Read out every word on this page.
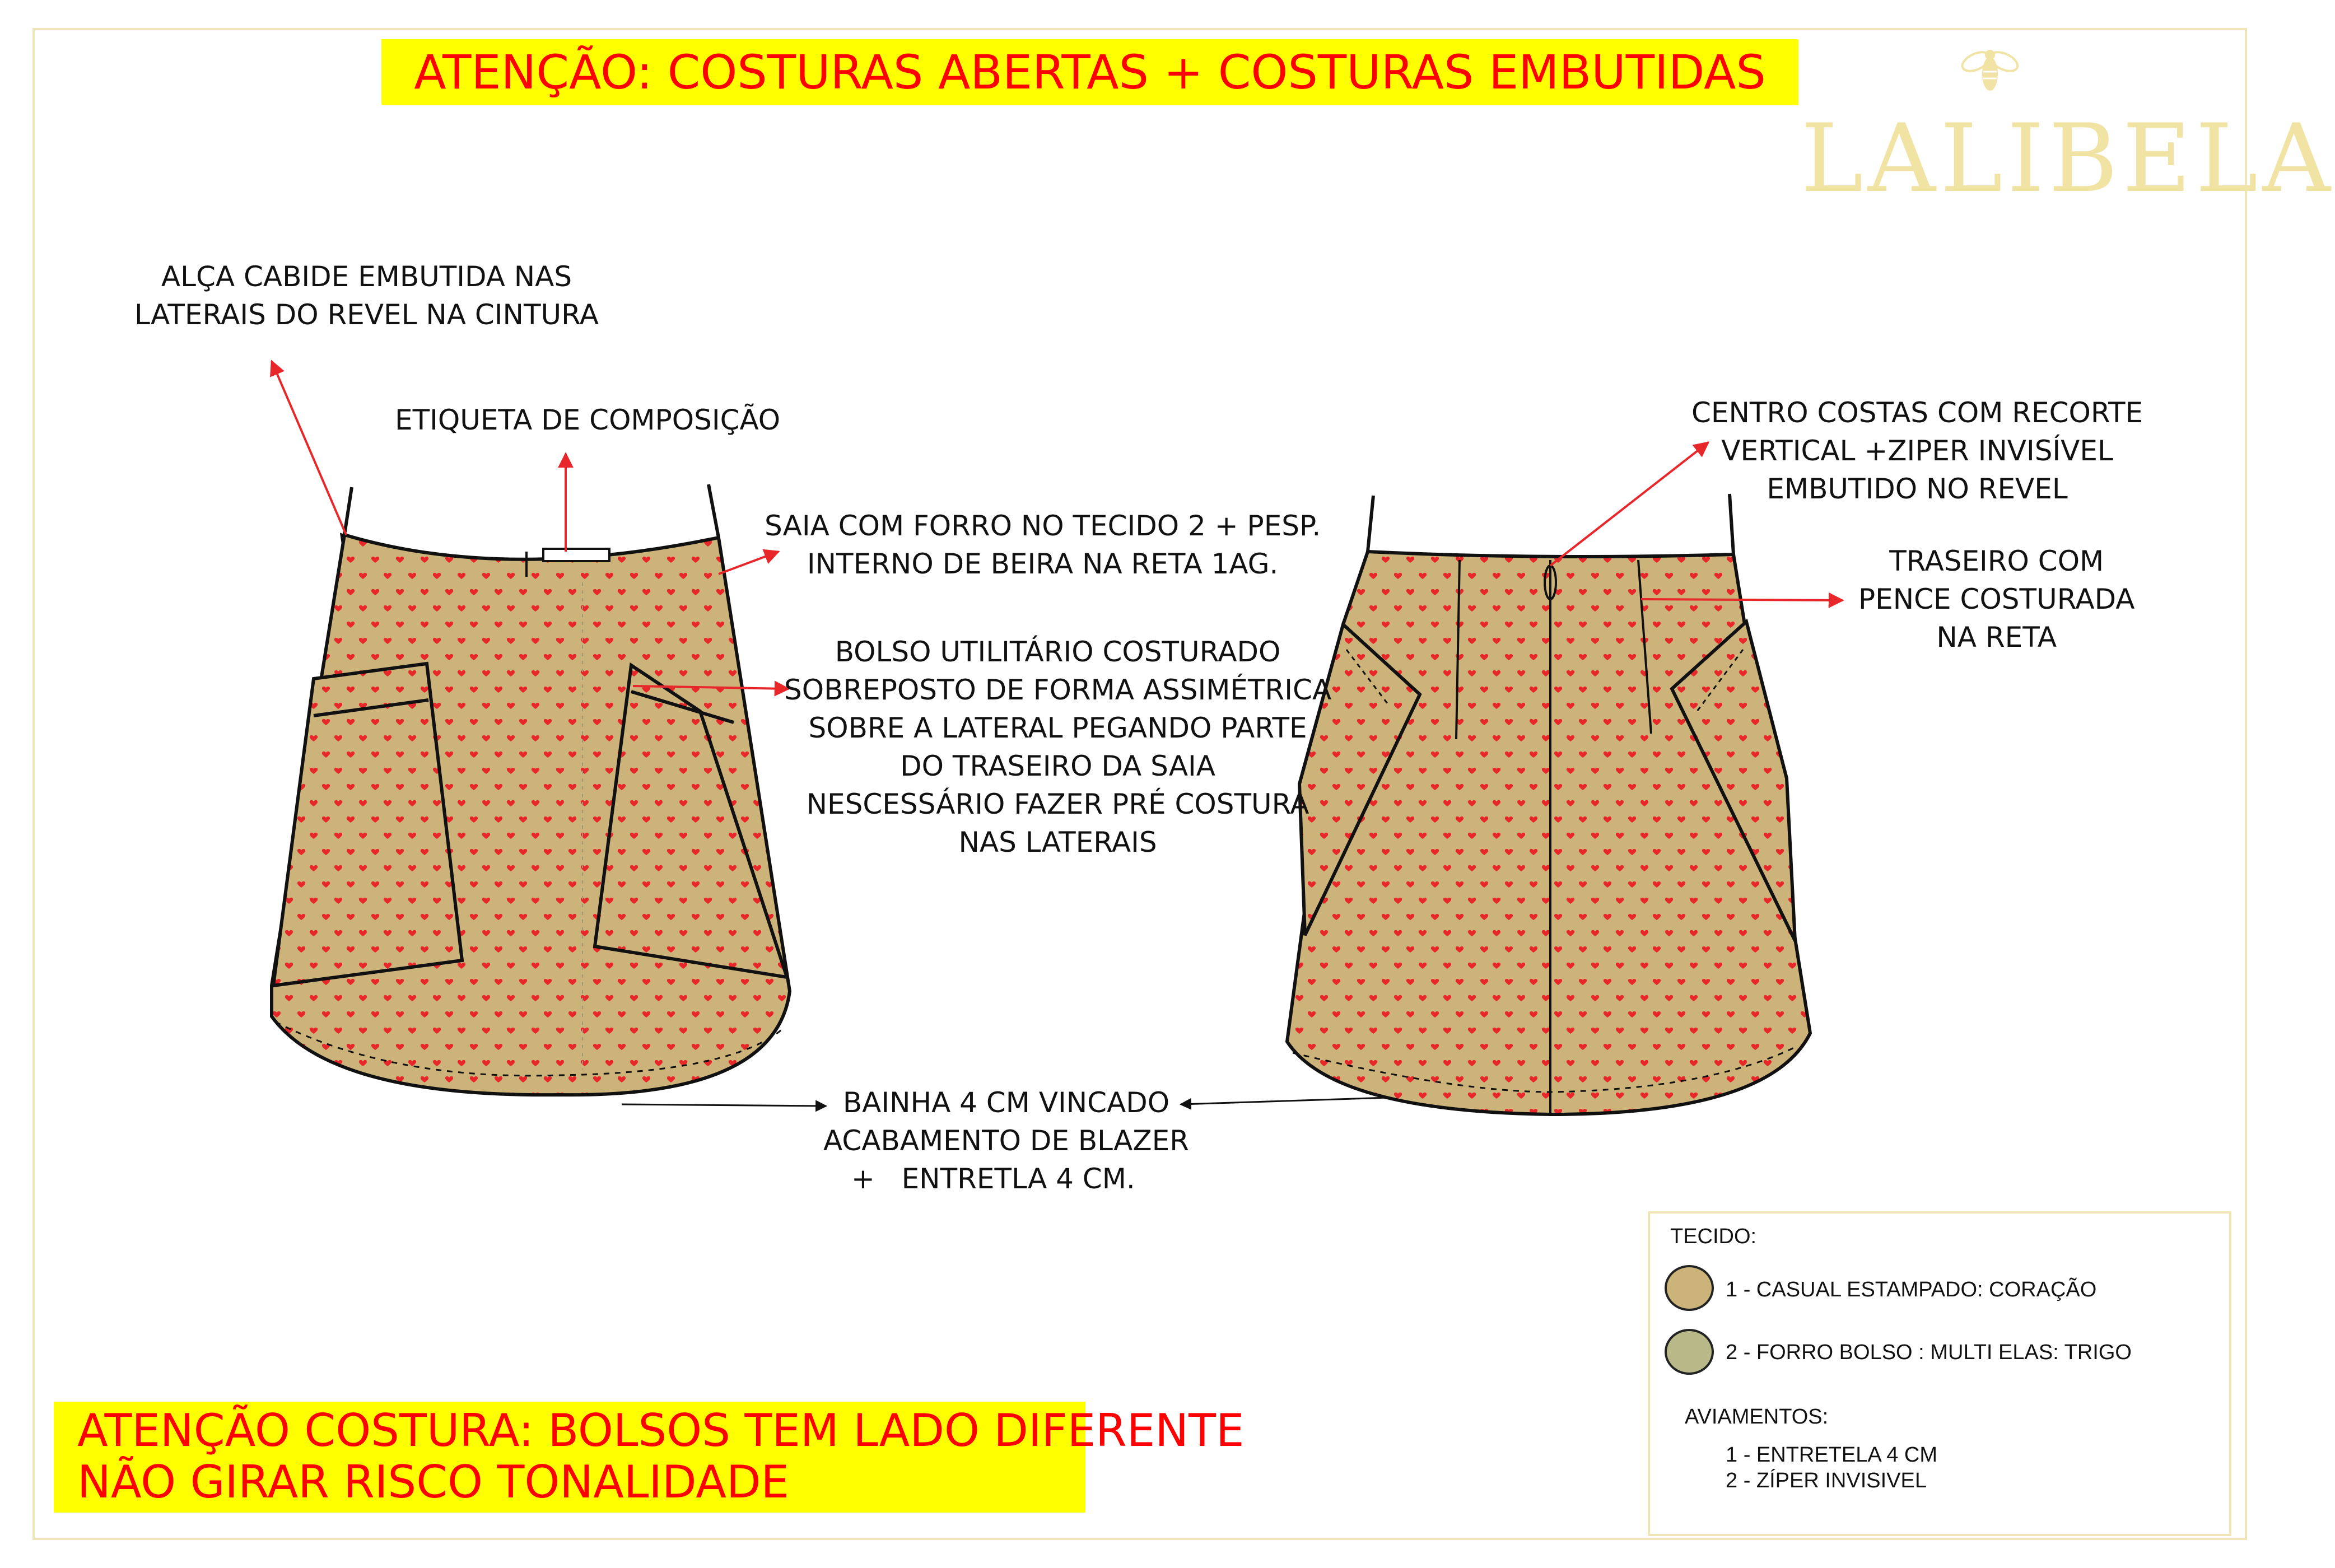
ATENÇÃO: COSTURAS ABERTAS + COSTURAS EMBUTIDAS
LALIBELA
ALÇA CABIDE EMBUTIDA NAS
LATERAIS DO REVEL NA CINTURA
ETIQUETA DE COMPOSIÇÃO
SAIA COM FORRO NO TECIDO 2 + PESP.
INTERNO DE BEIRA NA RETA 1AG.
BOLSO UTILITÁRIO COSTURADO
SOBREPOSTO DE FORMA ASSIMÉTRICA
SOBRE A LATERAL PEGANDO PARTE
DO TRASEIRO DA SAIA
NESCESSÁRIO FAZER PRÉ COSTURA
NAS LATERAIS
CENTRO COSTAS COM RECORTE
VERTICAL +ZIPER INVISÍVEL
EMBUTIDO NO REVEL
TRASEIRO COM
PENCE COSTURADA
NA RETA
BAINHA 4 CM VINCADO
ACABAMENTO DE BLAZER
+   ENTRETLA 4 CM.
ATENÇÃO COSTURA: BOLSOS TEM LADO DIFERENTE
NÃO GIRAR RISCO TONALIDADE
TECIDO:
1 - CASUAL ESTAMPADO: CORAÇÃO
2 - FORRO BOLSO : MULTI ELAS: TRIGO
AVIAMENTOS:
1 - ENTRETELA 4 CM
2 - ZÍPER INVISIVEL
